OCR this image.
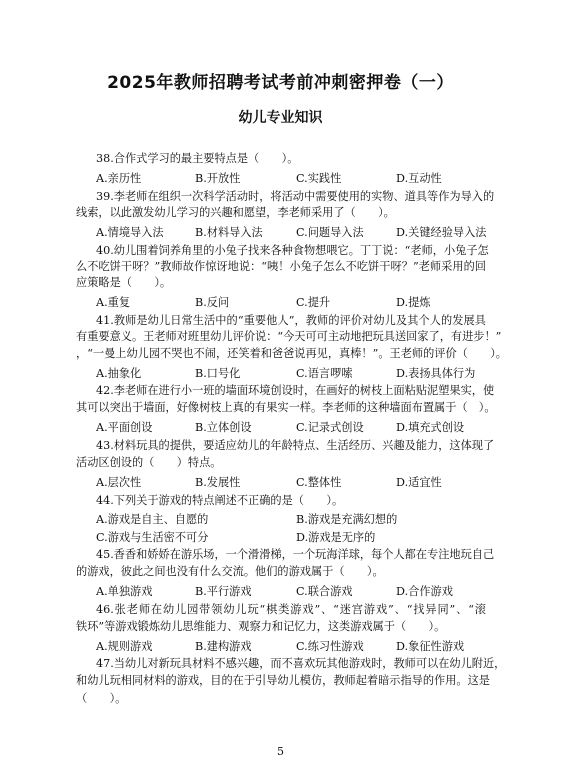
2025年教师招聘考试考前冲刺密押卷（一）
幼儿专业知识
38.合作式学习的最主要特点是（　　）。
A.亲历性	B.开放性	C.实践性	D.互动性
39.李老师在组织一次科学活动时，将活动中需要使用的实物、道具等作为导入的
线索，以此激发幼儿学习的兴趣和愿望，李老师采用了（　　）。
A.情境导入法	B.材料导入法	C.问题导入法	D.关键经验导入法
40.幼儿围着饲养角里的小兔子找来各种食物想喂它。丁丁说：“老师，小兔子怎
么不吃饼干呀？”教师故作惊讶地说：“咦！小兔子怎么不吃饼干呀？”老师采用的回
应策略是（　　）。
A.重复	B.反问	C.提升	D.提炼
41.教师是幼儿日常生活中的“重要他人”，教师的评价对幼儿及其个人的发展具
有重要意义。王老师对班里幼儿评价说：“今天可可主动地把玩具送回家了，有进步！”
，“一曼上幼儿园不哭也不闹，还笑着和爸爸说再见，真棒！”。王老师的评价（　　）。
A.抽象化	B.口号化	C.语言啰嗦	D.表扬具体行为
42.李老师在进行小一班的墙面环境创设时，在画好的树枝上面粘贴泥塑果实，使
其可以突出于墙面，好像树枝上真的有果实一样。李老师的这种墙面布置属于（　）。
A.平面创设	B.立体创设	C.记录式创设	D.填充式创设
43.材料玩具的提供，要适应幼儿的年龄特点、生活经历、兴趣及能力，这体现了
活动区创设的（　　）特点。
A.层次性	B.发展性	C.整体性	D.适宜性
44.下列关于游戏的特点阐述不正确的是（　　）。
A.游戏是自主、自愿的	B.游戏是充满幻想的
C.游戏与生活密不可分	D.游戏是无序的
45.香香和娇娇在游乐场，一个滑滑梯，一个玩海洋球，每个人都在专注地玩自己
的游戏，彼此之间也没有什么交流。他们的游戏属于（　　）。
A.单独游戏	B.平行游戏	C.联合游戏	D.合作游戏
46.张老师在幼儿园带领幼儿玩“棋类游戏”、“迷宫游戏”、“找异同”、“滚
铁环”等游戏锻炼幼儿思维能力、观察力和记忆力，这类游戏属于（　　）。
A.规则游戏	B.建构游戏	C.练习性游戏	D.象征性游戏
47.当幼儿对新玩具材料不感兴趣，而不喜欢玩其他游戏时，教师可以在幼儿附近，
和幼儿玩相同材料的游戏，目的在于引导幼儿模仿，教师起着暗示指导的作用。这是
（　　）。
5
